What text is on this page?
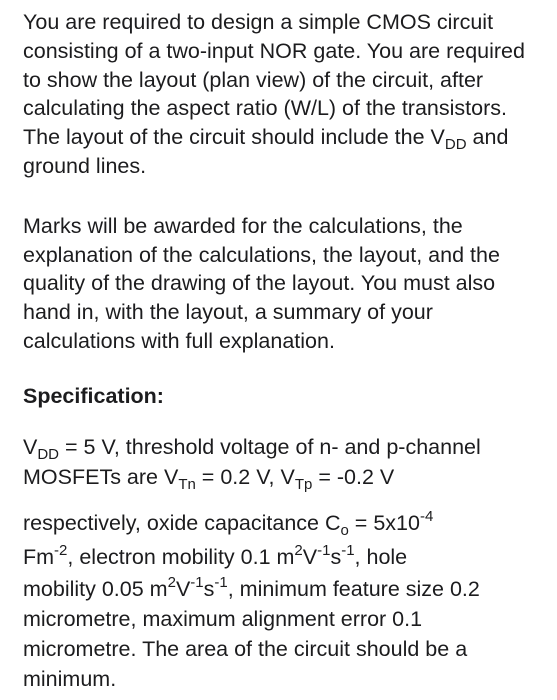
You are required to design a simple CMOS circuit consisting of a two-input NOR gate. You are required to show the layout (plan view) of the circuit, after calculating the aspect ratio (W/L) of the transistors. The layout of the circuit should include the $V_{DD}$ and ground lines.

Marks will be awarded for the calculations, the explanation of the calculations, the layout, and the quality of the drawing of the layout. You must also hand in, with the layout, a summary of your calculations with full explanation.

Specification:

$V_{DD} = 5$ V, threshold voltage of n- and p-channel
MOSFETs are $V_{Tn} = 0.2$ V, $V_{Tp} = -0.2$ V
respectively, oxide capacitance $C_o = 5x10^{-4}$
$Fm^{-2}$, electron mobility 0.1 $m^2V^{-1}s^{-1}$, hole
mobility 0.05 $m^2V^{-1}s^{-1}$, minimum feature size 0.2
micrometre, maximum alignment error 0.1
micrometre. The area of the circuit should be a
minimum.
